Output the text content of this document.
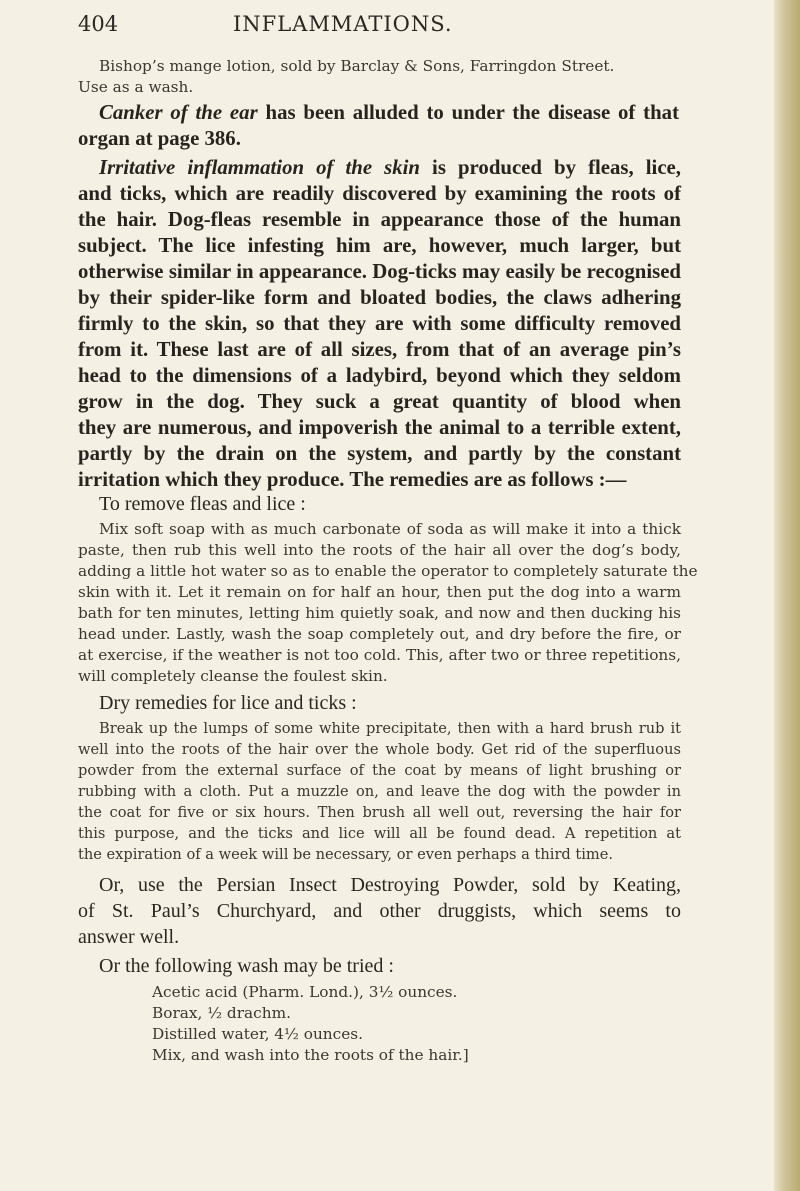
404	INFLAMMATIONS.
Bishop’s mange lotion, sold by Barclay & Sons, Farringdon Street.
Use as a wash.
Canker of the ear has been alluded to under the disease of that
organ at page 386.
Irritative inflammation of the skin is produced by fleas, lice,
and ticks, which are readily discovered by examining the roots of
the hair. Dog-fleas resemble in appearance those of the human
subject. The lice infesting him are, however, much larger, but
otherwise similar in appearance. Dog-ticks may easily be recognised
by their spider-like form and bloated bodies, the claws adhering
firmly to the skin, so that they are with some difficulty removed
from it. These last are of all sizes, from that of an average pin’s
head to the dimensions of a ladybird, beyond which they seldom
grow in the dog. They suck a great quantity of blood when
they are numerous, and impoverish the animal to a terrible extent,
partly by the drain on the system, and partly by the constant
irritation which they produce. The remedies are as follows :—
To remove fleas and lice :
Mix soft soap with as much carbonate of soda as will make it into a thick
paste, then rub this well into the roots of the hair all over the dog’s body,
adding a little hot water so as to enable the operator to completely saturate the
skin with it. Let it remain on for half an hour, then put the dog into a warm
bath for ten minutes, letting him quietly soak, and now and then ducking his
head under. Lastly, wash the soap completely out, and dry before the fire, or
at exercise, if the weather is not too cold. This, after two or three repetitions,
will completely cleanse the foulest skin.
Dry remedies for lice and ticks :
Break up the lumps of some white precipitate, then with a hard brush rub it
well into the roots of the hair over the whole body. Get rid of the superfluous
powder from the external surface of the coat by means of light brushing or
rubbing with a cloth. Put a muzzle on, and leave the dog with the powder in
the coat for five or six hours. Then brush all well out, reversing the hair for
this purpose, and the ticks and lice will all be found dead. A repetition at
the expiration of a week will be necessary, or even perhaps a third time.
Or, use the Persian Insect Destroying Powder, sold by Keating,
of St. Paul’s Churchyard, and other druggists, which seems to
answer well.
Or the following wash may be tried :
Acetic acid (Pharm. Lond.), 3½ ounces.
Borax, ½ drachm.
Distilled water, 4½ ounces.
Mix, and wash into the roots of the hair.]
